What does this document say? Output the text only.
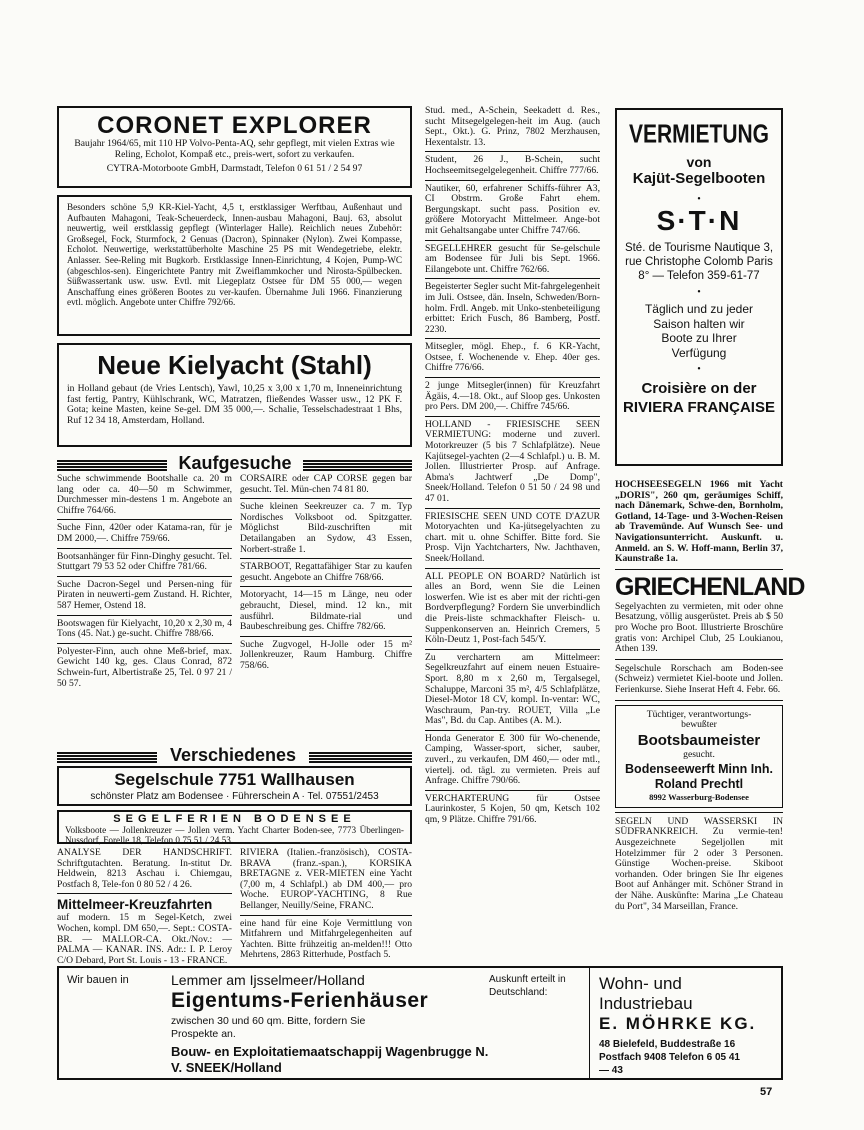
CORONET EXPLORER

Baujahr 1964/65, mit 110 HP Volvo-Penta-AQ, sehr gepflegt, mit vielen Extras wie Reling, Echolot, Kompaß etc., preis-wert, sofort zu verkaufen.

CYTRA-Motorboote GmbH, Darmstadt, Telefon 0 61 51 / 2 54 97

Besonders schöne 5,9 KR-Kiel-Yacht, 4,5 t, erstklassiger Werftbau, Außenhaut und Aufbauten Mahagoni, Teak-Scheuerdeck, Innen-ausbau Mahagoni, Bauj. 63, absolut neuwertig, weil erstklassig gepflegt (Winterlager Halle). Reichlich neues Zubehör: Großsegel, Fock, Sturmfock, 2 Genuas (Dacron), Spinnaker (Nylon). Zwei Kompasse, Echolot. Neuwertige, werkstattüberholte Maschine 25 PS mit Wendegetriebe, elektr. Anlasser. See-Reling mit Bugkorb. Erstklassige Innen-Einrichtung, 4 Kojen, Pump-WC (abgeschlos-sen). Eingerichtete Pantry mit Zweiflammkocher und Nirosta-Spülbecken. Süßwassertank usw. usw. Evtl. mit Liegeplatz Ostsee für DM 55 000,— wegen Anschaffung eines größeren Bootes zu ver-kaufen. Übernahme Juli 1966. Finanzierung evtl. möglich. Angebote unter Chiffre 792/66.

Neue Kielyacht (Stahl)

in Holland gebaut (de Vries Lentsch), Yawl, 10,25 x 3,00 x 1,70 m, Inneneinrichtung fast fertig, Pantry, Kühlschrank, WC, Matratzen, fließendes Wasser usw., 12 PK F. Gota; keine Masten, keine Se-gel. DM 35 000,—. Schalie, Tesselschadestraat 1 Bhs, Ruf 12 34 18, Amsterdam, Holland.

Kaufgesuche

Suche schwimmende Bootshalle ca. 20 m lang oder ca. 40—50 m Schwimmer, Durchmesser min-destens 1 m. Angebote an Chiffre 764/66.

Suche Finn, 420er oder Katama-ran, für je DM 2000,—. Chiffre 759/66.

Bootsanhänger für Finn-Dinghy gesucht. Tel. Stuttgart 79 53 52 oder Chiffre 781/66.

Suche Dacron-Segel und Persen-ning für Piraten in neuwerti-gem Zustand. H. Richter, 587 Hemer, Ostend 18.

Bootswagen für Kielyacht, 10,20 x 2,30 m, 4 Tons (45. Nat.) ge-sucht. Chiffre 788/66.

Polyester-Finn, auch ohne Meß-brief, max. Gewicht 140 kg, ges. Claus Conrad, 872 Schwein-furt, Albertistraße 25, Tel. 0 97 21 / 50 57.

CORSAIRE oder CAP CORSE gegen bar gesucht. Tel. Mün-chen 74 81 80.

Suche kleinen Seekreuzer ca. 7 m. Typ Nordisches Volksboot od. Spitzgatter. Möglichst Bild-zuschriften mit Detailangaben an Sydow, 43 Essen, Norbert-straße 1.

STARBOOT, Regattafähiger Star zu kaufen gesucht. Angebote an Chiffre 768/66.

Motoryacht, 14—15 m Länge, neu oder gebraucht, Diesel, mind. 12 kn., mit ausführl. Bildmate-rial und Baubeschreibung ges. Chiffre 782/66.

Suche Zugvogel, H-Jolle oder 15 m² Jollenkreuzer, Raum Hamburg. Chiffre 758/66.

Verschiedenes
Segelschule 7751 Wallhausen
schönster Platz am Bodensee · Führerschein A · Tel. 07551/2453
SEGELFERIEN BODENSEE

Volksboote — Jollenkreuzer — Jollen verm. Yacht Charter Boden-see, 7773 Überlingen-Nussdorf, Forelle 18, Telefon 0 75 51 / 24 53.

ANALYSE DER HANDSCHRIFT. Schriftgutachten. Beratung. In-stitut Dr. Heldwein, 8213 Aschau i. Chiemgau, Postfach 8, Tele-fon 0 80 52 / 4 26.

Mittelmeer-Kreuzfahrten

auf modern. 15 m Segel-Ketch, zwei Wochen, kompl. DM 650,—. Sept.: COSTA-BR. — MALLOR-CA. Okt./Nov.: — PALMA — KANAR. INS. Adr.: I. P. Leroy C/O Debard, Port St. Louis - 13 - FRANCE.

RIVIERA (Italien.-französisch), COSTA-BRAVA (franz.-span.), KORSIKA BRETAGNE z. VER-MIETEN eine Yacht (7,00 m, 4 Schlafpl.) ab DM 400,— pro Woche. EUROP'-YACHTING, 8 Rue Bellanger, Neuilly/Seine, FRANC.

eine hand für eine Koje Vermittlung von Mitfahrern und Mitfahrgelegenheiten auf Yachten. Bitte frühzeitig an-melden!!! Otto Mehrtens, 2863 Ritterhude, Postfach 5.

Stud. med., A-Schein, Seekadett d. Res., sucht Mitsegelgelegen-heit im Aug. (auch Sept., Okt.). G. Prinz, 7802 Merzhausen, Hexentalstr. 13.

Student, 26 J., B-Schein, sucht Hochseemitsegelgelegenheit. Chiffre 777/66.

Nautiker, 60, erfahrener Schiffs-führer A3, CI Obstrm. Große Fahrt ehem. Bergungskapt. sucht pass. Position ev. größere Motoryacht Mittelmeer. Ange-bot mit Gehaltsangabe unter Chiffre 747/66.

SEGELLEHRER gesucht für Se-gelschule am Bodensee für Juli bis Sept. 1966. Eilangebote unt. Chiffre 762/66.

Begeisterter Segler sucht Mit-fahrgelegenheit im Juli. Ostsee, dän. Inseln, Schweden/Born-holm. Frdl. Angeb. mit Unko-stenbeteiligung erbittet: Erich Fusch, 86 Bamberg, Postf. 2230.

Mitsegler, mögl. Ehep., f. 6 KR-Yacht, Ostsee, f. Wochenende v. Ehep. 40er ges. Chiffre 776/66.

2 junge Mitsegler(innen) für Kreuzfahrt Ägäis, 4.—18. Okt., auf Sloop ges. Unkosten pro Pers. DM 200,—. Chiffre 745/66.

HOLLAND - FRIESISCHE SEEN VERMIETUNG: moderne und zuverl. Motorkreuzer (5 bis 7 Schlafplätze). Neue Kajütsegel-yachten (2—4 Schlafpl.) u. B. M. Jollen. Illustrierter Prosp. auf Anfrage. Abma's Jachtwerf „De Domp", Sneek/Holland. Telefon 0 51 50 / 24 98 und 47 01.

FRIESISCHE SEEN UND COTE D'AZUR Motoryachten und Ka-jütsegelyachten zu chart. mit u. ohne Schiffer. Bitte ford. Sie Prosp. Vijn Yachtcharters, Nw. Jachthaven, Sneek/Holland.

ALL PEOPLE ON BOARD? Natürlich ist alles an Bord, wenn Sie die Leinen loswerfen. Wie ist es aber mit der richti-gen Bordverpflegung? Fordern Sie unverbindlich die Preis-liste schmackhafter Fleisch- u. Suppenkonserven an. Heinrich Cremers, 5 Köln-Deutz 1, Post-fach 545/Y.

Zu verchartern am Mittelmeer: Segelkreuzfahrt auf einem neuen Estuaire-Sport. 8,80 m x 2,60 m, Tergalsegel, Schaluppe, Marconi 35 m², 4/5 Schlafplätze, Diesel-Motor 18 CV, kompl. In-ventar: WC, Waschraum, Pan-try. ROUET, Villa „Le Mas", Bd. du Cap. Antibes (A. M.).

Honda Generator E 300 für Wo-chenende, Camping, Wasser-sport, sicher, sauber, zuverl., zu verkaufen, DM 460,— oder mtl., viertelj. od. tägl. zu vermieten. Preis auf Anfrage. Chiffre 790/66.

VERCHARTERUNG für Ostsee Laurinkoster, 5 Kojen, 50 qm, Ketsch 102 qm, 9 Plätze. Chiffre 791/66.

VERMIETUNG
von
Kajüt-Segelbooten
•
S·T·N
Sté. de Tourisme Nautique 3, rue Christophe Colomb Paris 8° — Telefon 359-61-77
•
Täglich und zu jeder Saison halten wir Boote zu Ihrer Verfügung
•
Croisière on der RIVIERA FRANÇAISE

HOCHSEESEGELN 1966 mit Yacht „DORIS", 260 qm, geräumiges Schiff, nach Dänemark, Schwe-den, Bornholm, Gotland, 14-Tage- und 3-Wochen-Reisen ab Travemünde. Auf Wunsch See- und Navigationsunterricht. Auskunft. u. Anmeld. an S. W. Hoff-mann, Berlin 37, Kaunstraße 1a.

GRIECHENLAND

Segelyachten zu vermieten, mit oder ohne Besatzung, völlig ausgerüstet. Preis ab $ 50 pro Woche pro Boot. Illustrierte Broschüre gratis von: Archipel Club, 25 Loukianou, Athen 139.

Segelschule Rorschach am Boden-see (Schweiz) vermietet Kiel-boote und Jollen. Ferienkurse. Siehe Inserat Heft 4. Febr. 66.

Tüchtiger, verantwortungs-bewußter
Bootsbaumeister
gesucht.
Bodenseewerft Minn Inh. Roland Prechtl
8992 Wasserburg-Bodensee

SEGELN UND WASSERSKI IN SÜDFRANKREICH. Zu vermie-ten! Ausgezeichnete Segeljollen mit Hotelzimmer für 2 oder 3 Personen. Günstige Wochen-preise. Skiboot vorhanden. Oder bringen Sie Ihr eigenes Boot auf Anhänger mit. Schöner Strand in der Nähe. Auskünfte: Marina „Le Chateau du Port", 34 Marseillan, France.

Wir bauen in	Lemmer am Ijsselmeer/Holland
Eigentums-Ferienhäuser
zwischen 30 und 60 qm. Bitte, fordern Sie Prospekte an.
Bouw- en Exploitatiemaatschappij Wagenbrugge N. V. SNEEK/Holland
Auskunft erteilt in Deutschland:	Wohn- und Industriebau
E. MÖHRKE KG.
48 Bielefeld, Buddestraße 16 Postfach 9408 Telefon 6 05 41 — 43
57
